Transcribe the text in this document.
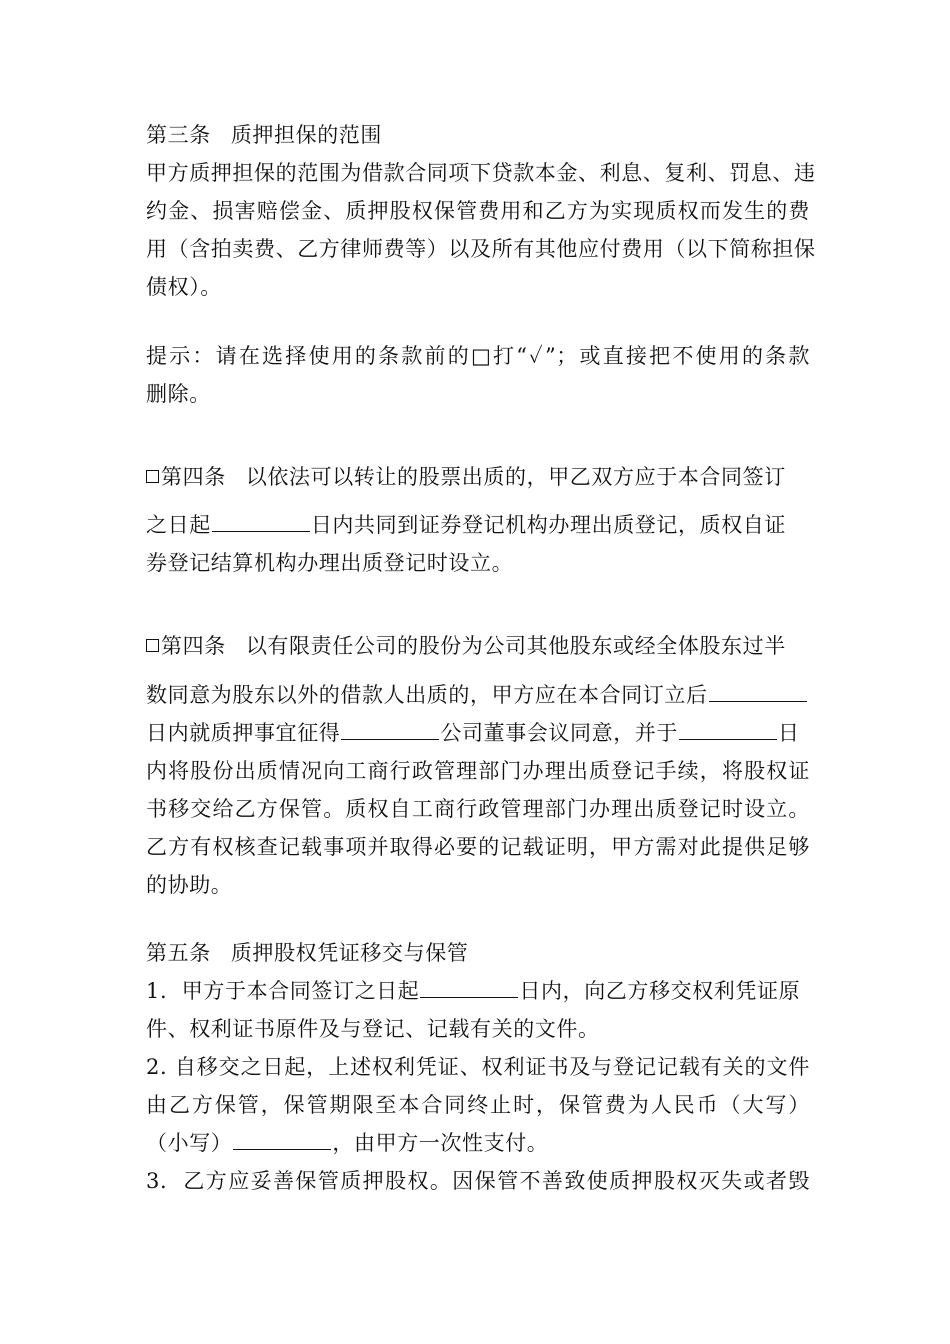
第三条 质押担保的范围
甲方质押担保的范围为借款合同项下贷款本金、利息、复利、罚息、违
约金、损害赔偿金、质押股权保管费用和乙方为实现质权而发生的费
用（含拍卖费、乙方律师费等）以及所有其他应付费用（以下简称担保
债权）。
提示：请在选择使用的条款前的□打“✓”；或直接把不使用的条款
删除。
第四条 以依法可以转让的股票出质的，甲乙双方应于本合同签订
之日起	日内共同到证券登记机构办理出质登记，质权自证
券登记结算机构办理出质登记时设立。
第四条 以有限责任公司的股份为公司其他股东或经全体股东过半
数同意为股东以外的借款人出质的，甲方应在本合同订立后
日内就质押事宜征得	公司董事会议同意，并于	日
内将股份出质情况向工商行政管理部门办理出质登记手续，将股权证
书移交给乙方保管。质权自工商行政管理部门办理出质登记时设立。
乙方有权核查记载事项并取得必要的记载证明，甲方需对此提供足够
的协助。
第五条 质押股权凭证移交与保管
1.  甲方于本合同签订之日起	日内，向乙方移交权利凭证原
件、权利证书原件及与登记、记载有关的文件。
2. 自移交之日起，上述权利凭证、权利证书及与登记记载有关的文件
由乙方保管，保管期限至本合同终止时，保管费为人民币（大写）
（小写）	，由甲方一次性支付。
3.  乙方应妥善保管质押股权。因保管不善致使质押股权灭失或者毁
